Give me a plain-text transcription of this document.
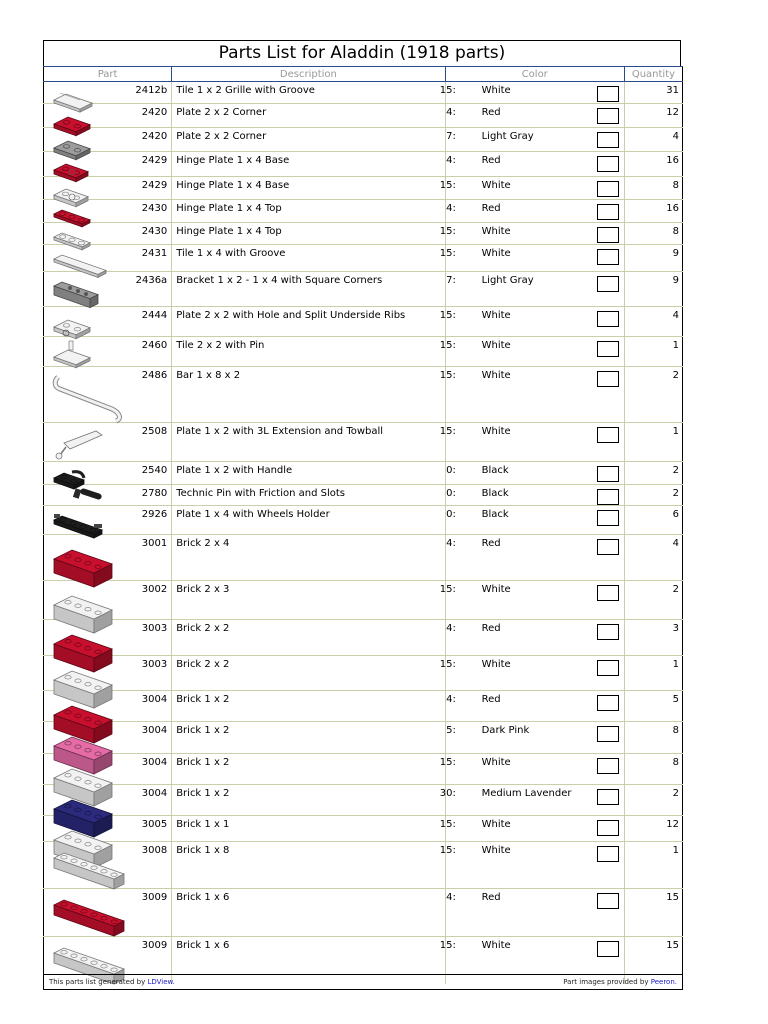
Parts List for Aladdin (1918 parts)
Part	Description	Color	Quantity

2412b	Tile 1 x 2 Grille with Groove	15: White	31

2420	Plate 2 x 2 Corner	4: Red	12

2420	Plate 2 x 2 Corner	7: Light Gray	4

2429	Hinge Plate 1 x 4 Base	4: Red	16

2429	Hinge Plate 1 x 4 Base	15: White	8

2430	Hinge Plate 1 x 4 Top	4: Red	16

2430	Hinge Plate 1 x 4 Top	15: White	8

2431	Tile 1 x 4 with Groove	15: White	9

2436a	Bracket 1 x 2 - 1 x 4 with Square Corners	7: Light Gray	9

2444	Plate 2 x 2 with Hole and Split Underside Ribs	15: White	4

2460	Tile 2 x 2 with Pin	15: White	1

2486	Bar 1 x 8 x 2	15: White	2

2508	Plate 1 x 2 with 3L Extension and Towball	15: White	1

2540	Plate 1 x 2 with Handle	0: Black	2

2780	Technic Pin with Friction and Slots	0: Black	2

2926	Plate 1 x 4 with Wheels Holder	0: Black	6

3001	Brick 2 x 4	4: Red	4

3002	Brick 2 x 3	15: White	2

3003	Brick 2 x 2	4: Red	3

3003	Brick 2 x 2	15: White	1

3004	Brick 1 x 2	4: Red	5

3004	Brick 1 x 2	5: Dark Pink	8

3004	Brick 1 x 2	15: White	8

3004	Brick 1 x 2	30: Medium Lavender	2

3005	Brick 1 x 1	15: White	12

3008	Brick 1 x 8	15: White	1

3009	Brick 1 x 6	4: Red	15

3009	Brick 1 x 6	15: White	15
This parts list generated by LDView.	Part images provided by Peeron.
